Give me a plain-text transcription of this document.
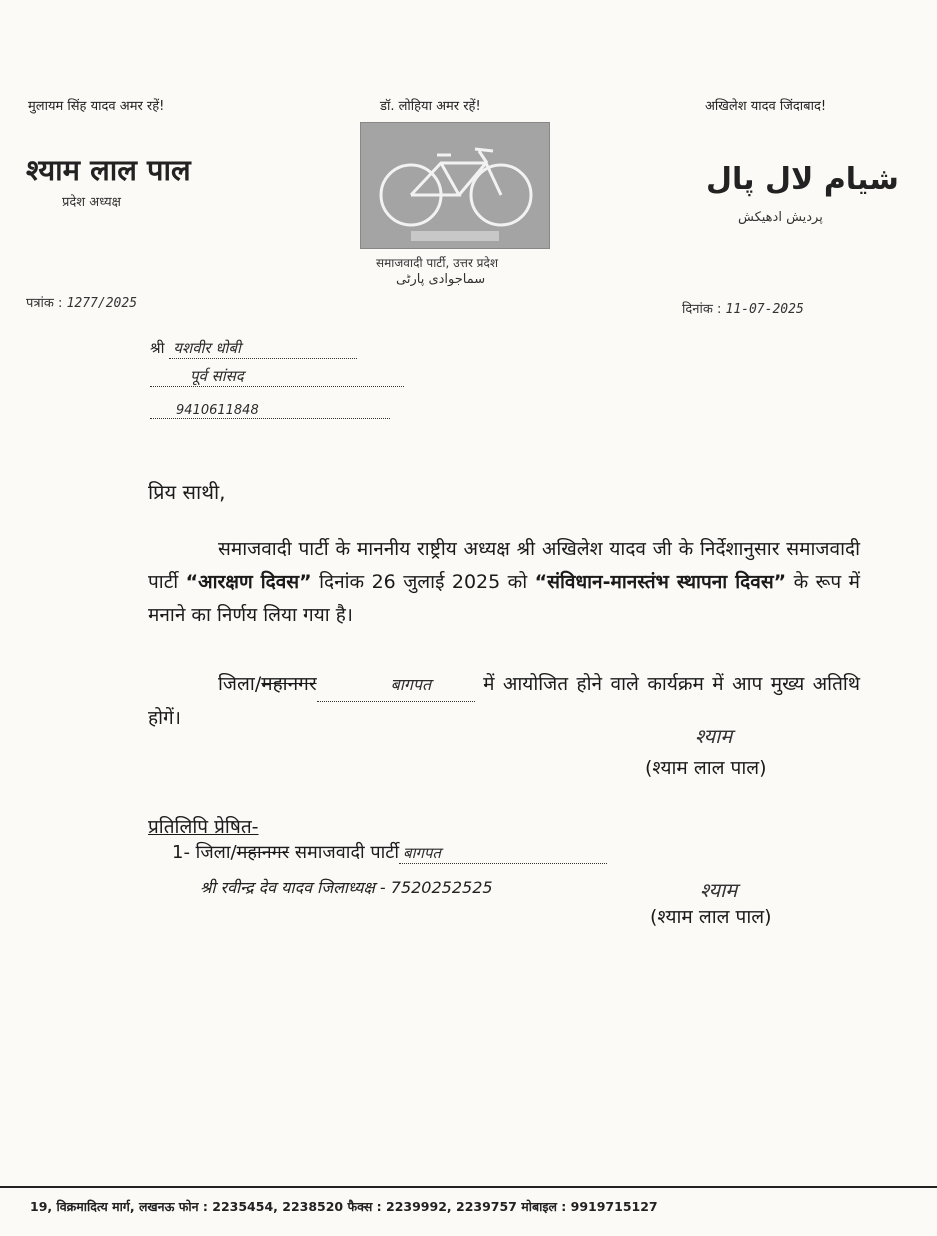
मुलायम सिंह यादव अमर रहें!	डॉ. लोहिया अमर रहें!	अखिलेश यादव जिंदाबाद!
श्याम लाल पाल
प्रदेश अध्यक्ष
समाजवादी पार्टी, उत्तर प्रदेश
سماجوادی پارٹی
شیام لال پال
پردیش ادھیکش
पत्रांक : 1277/2025	दिनांक : 11-07-2025
श्री यशवीर धोबी
पूर्व सांसद
9410611848
प्रिय साथी,
समाजवादी पार्टी के माननीय राष्ट्रीय अध्यक्ष श्री अखिलेश यादव जी के निर्देशानुसार समाजवादी पार्टी “आरक्षण दिवस” दिनांक 26 जुलाई 2025 को “संविधान-मानस्तंभ स्थापना दिवस” के रूप में मनाने का निर्णय लिया गया है।
जिला/महानगर	बागपत में आयोजित होने वाले कार्यक्रम में आप मुख्य अतिथि होगें।
श्याम
(श्याम लाल पाल)
प्रतिलिपि प्रेषित-
1- जिला/महानगर समाजवादी पार्टी बागपत
श्री रवीन्द्र देव यादव जिलाध्यक्ष - 7520252525	श्याम
(श्याम लाल पाल)
19, विक्रमादित्य मार्ग, लखनऊ फोन : 2235454, 2238520 फैक्स : 2239992, 2239757 मोबाइल : 9919715127
